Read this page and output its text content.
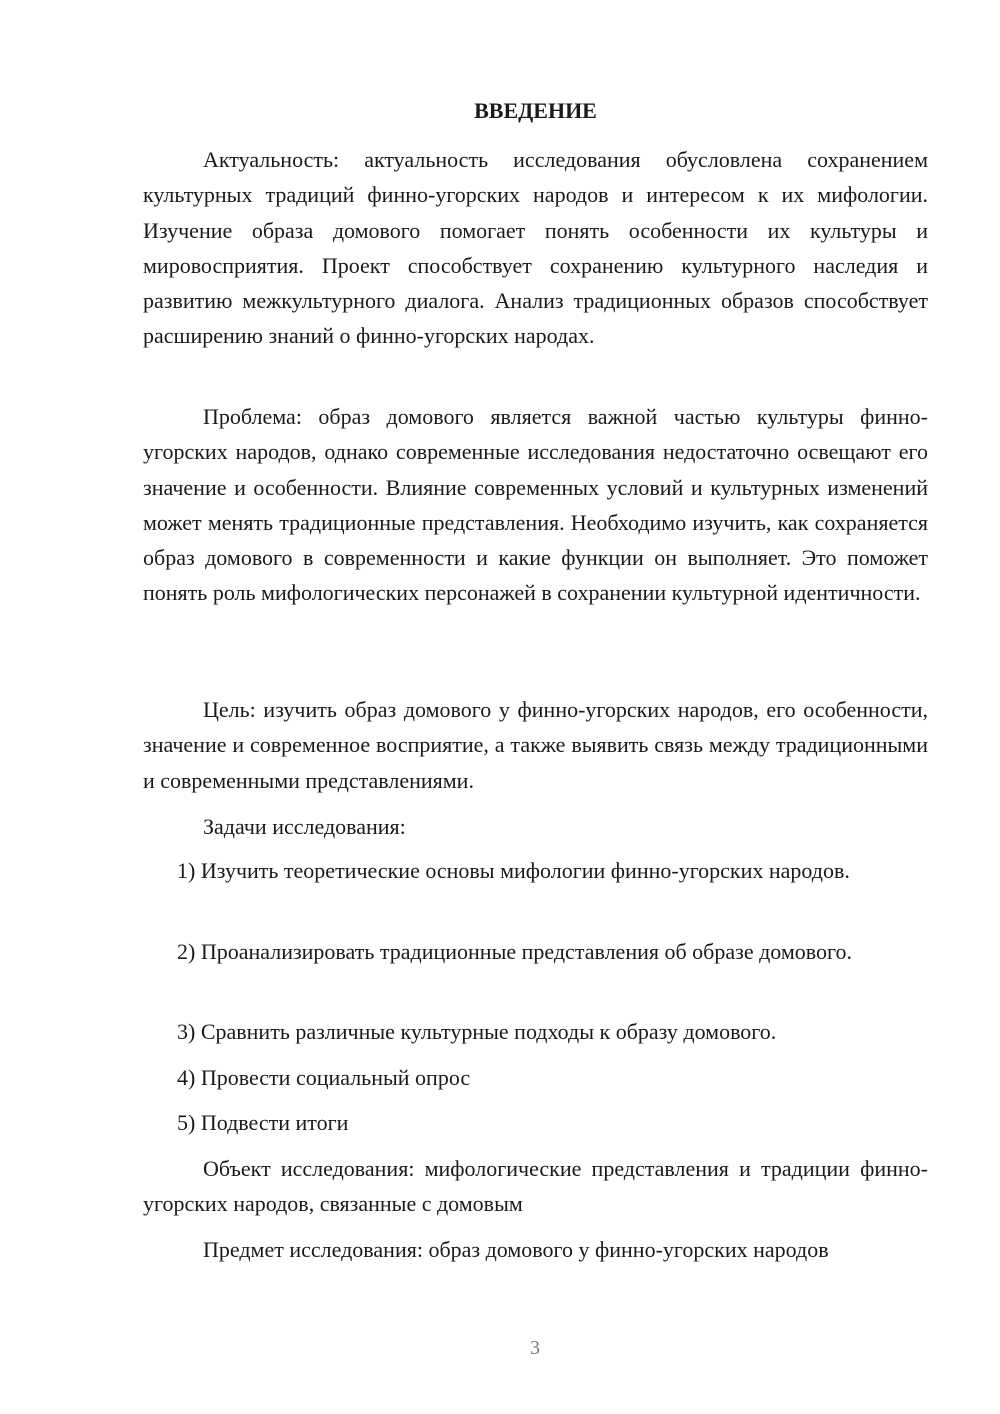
ВВЕДЕНИЕ

Актуальность: актуальность исследования обусловлена сохранением культурных традиций финно-угорских народов и интересом к их мифологии. Изучение образа домового помогает понять особенности их культуры и мировосприятия. Проект способствует сохранению культурного наследия и развитию межкультурного диалога. Анализ традиционных образов способствует расширению знаний о финно-угорских народах.

Проблема: образ домового является важной частью культуры финно-угорских народов, однако современные исследования недостаточно освещают его значение и особенности. Влияние современных условий и культурных изменений может менять традиционные представления. Необходимо изучить, как сохраняется образ домового в современности и какие функции он выполняет. Это поможет понять роль мифологических персонажей в сохранении культурной идентичности.

Цель: изучить образ домового у финно-угорских народов, его особенности, значение и современное восприятие, а также выявить связь между традиционными и современными представлениями.

Задачи исследования:

1) Изучить теоретические основы мифологии финно-угорских народов.

2) Проанализировать традиционные представления об образе домового.

3) Сравнить различные культурные подходы к образу домового.

4) Провести социальный опрос

5) Подвести итоги

Объект исследования: мифологические представления и традиции финно-угорских народов, связанные с домовым

Предмет исследования: образ домового у финно-угорских народов

3
